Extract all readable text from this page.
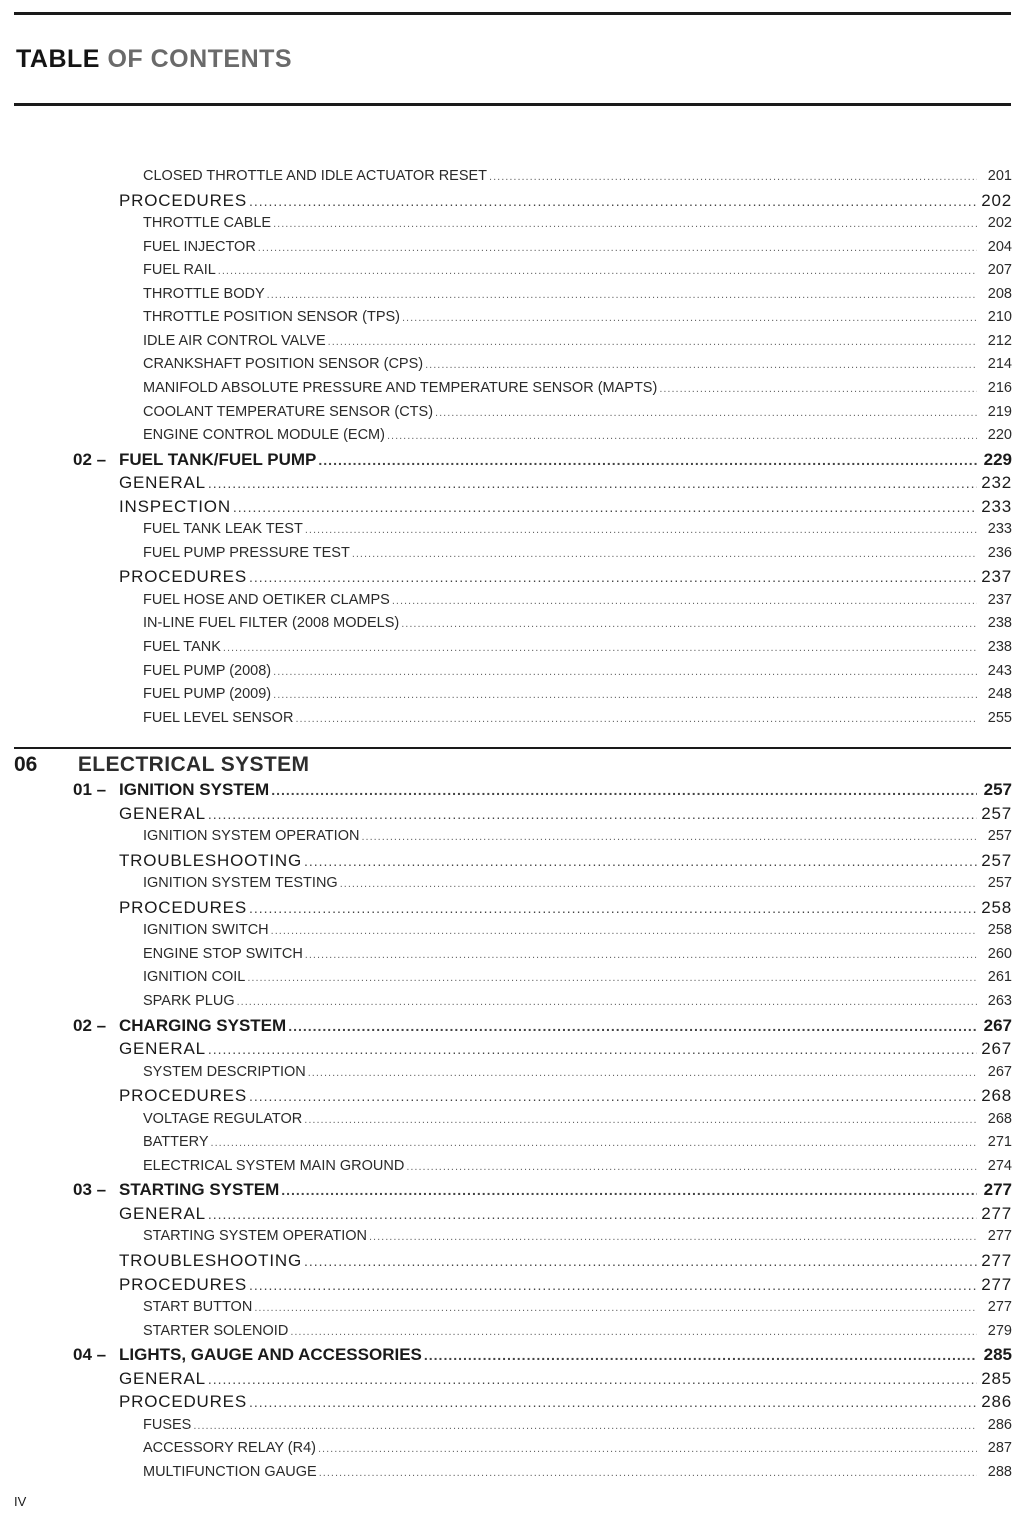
TABLE OF CONTENTS
CLOSED THROTTLE AND IDLE ACTUATOR RESET .....	201
PROCEDURES .....	202
THROTTLE CABLE .....	202
FUEL INJECTOR .....	204
FUEL RAIL .....	207
THROTTLE BODY .....	208
THROTTLE POSITION SENSOR (TPS) .....	210
IDLE AIR CONTROL VALVE .....	212
CRANKSHAFT POSITION SENSOR (CPS) .....	214
MANIFOLD ABSOLUTE PRESSURE AND TEMPERATURE SENSOR (MAPTS) .....	216
COOLANT TEMPERATURE SENSOR (CTS) .....	219
ENGINE CONTROL MODULE (ECM) .....	220
02 – FUEL TANK/FUEL PUMP .....	229
GENERAL .....	232
INSPECTION .....	233
FUEL TANK LEAK TEST .....	233
FUEL PUMP PRESSURE TEST .....	236
PROCEDURES .....	237
FUEL HOSE AND OETIKER CLAMPS .....	237
IN-LINE FUEL FILTER (2008 MODELS) .....	238
FUEL TANK .....	238
FUEL PUMP (2008) .....	243
FUEL PUMP (2009) .....	248
FUEL LEVEL SENSOR .....	255
06 ELECTRICAL SYSTEM
01 – IGNITION SYSTEM .....	257
GENERAL .....	257
IGNITION SYSTEM OPERATION .....	257
TROUBLESHOOTING .....	257
IGNITION SYSTEM TESTING .....	257
PROCEDURES .....	258
IGNITION SWITCH .....	258
ENGINE STOP SWITCH .....	260
IGNITION COIL .....	261
SPARK PLUG .....	263
02 – CHARGING SYSTEM .....	267
GENERAL .....	267
SYSTEM DESCRIPTION .....	267
PROCEDURES .....	268
VOLTAGE REGULATOR .....	268
BATTERY .....	271
ELECTRICAL SYSTEM MAIN GROUND .....	274
03 – STARTING SYSTEM .....	277
GENERAL .....	277
STARTING SYSTEM OPERATION .....	277
TROUBLESHOOTING .....	277
PROCEDURES .....	277
START BUTTON .....	277
STARTER SOLENOID .....	279
04 – LIGHTS, GAUGE AND ACCESSORIES .....	285
GENERAL .....	285
PROCEDURES .....	286
FUSES .....	286
ACCESSORY RELAY (R4) .....	287
MULTIFUNCTION GAUGE .....	288
IV
